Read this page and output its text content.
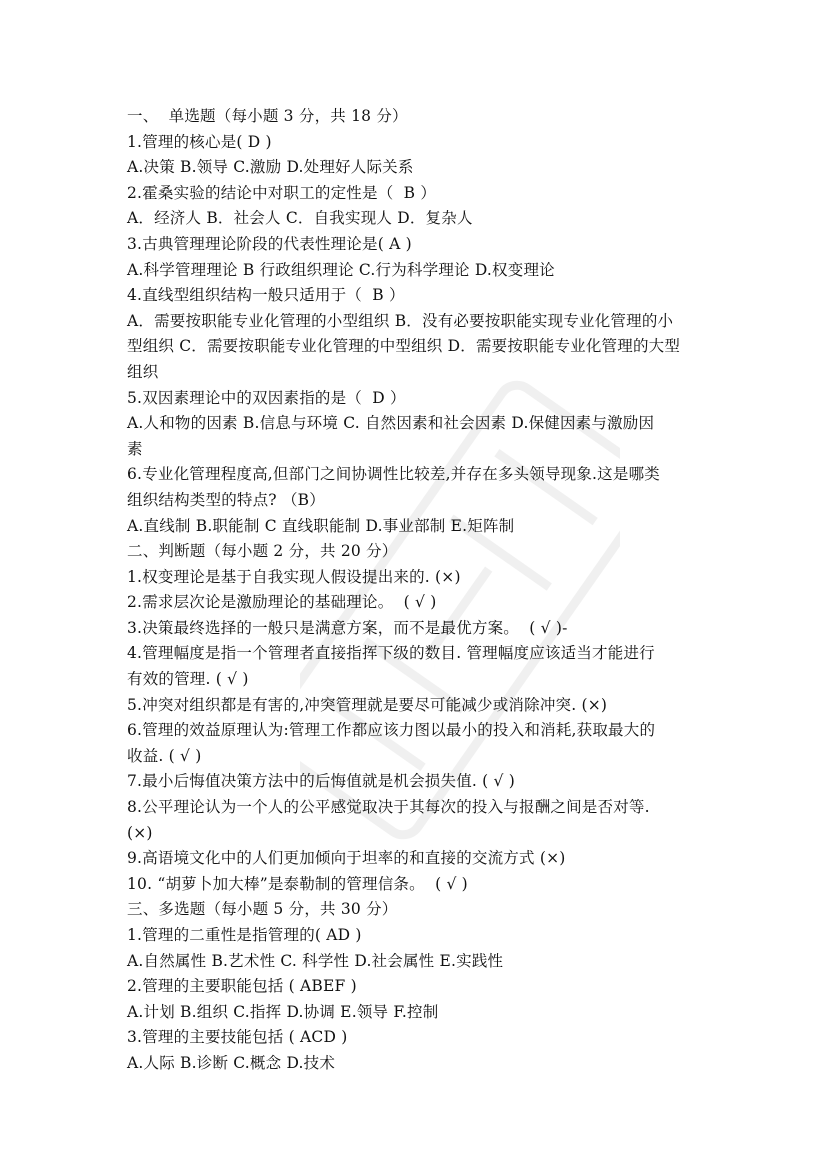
一、  单选题（每小题 3 分，共 18 分）
1.管理的核心是( D )
A.决策 B.领导 C.激励 D.处理好人际关系
2.霍桑实验的结论中对职工的定性是（  B ）
A．经济人 B．社会人 C．自我实现人 D．复杂人
3.古典管理理论阶段的代表性理论是( A )
A.科学管理理论 B 行政组织理论 C.行为科学理论 D.权变理论
4.直线型组织结构一般只适用于（  B ）
A．需要按职能专业化管理的小型组织 B．没有必要按职能实现专业化管理的小
型组织 C．需要按职能专业化管理的中型组织 D．需要按职能专业化管理的大型
组织
5.双因素理论中的双因素指的是（  D ）
A.人和物的因素 B.信息与环境 C. 自然因素和社会因素 D.保健因素与激励因
素
6.专业化管理程度高,但部门之间协调性比较差,并存在多头领导现象.这是哪类
组织结构类型的特点? （B）
A.直线制 B.职能制 C 直线职能制 D.事业部制 E.矩阵制
二、判断题（每小题 2 分，共 20 分）
1.权变理论是基于自我实现人假设提出来的. (×)
2.需求层次论是激励理论的基础理论。  ( √ )
3.决策最终选择的一般只是满意方案，而不是最优方案。  ( √ )-
4.管理幅度是指一个管理者直接指挥下级的数目. 管理幅度应该适当才能进行
有效的管理. ( √ )
5.冲突对组织都是有害的,冲突管理就是要尽可能减少或消除冲突. (×)
6.管理的效益原理认为:管理工作都应该力图以最小的投入和消耗,获取最大的
收益. ( √ )
7.最小后悔值决策方法中的后悔值就是机会损失值. ( √ )
8.公平理论认为一个人的公平感觉取决于其每次的投入与报酬之间是否对等.
(×)
9.高语境文化中的人们更加倾向于坦率的和直接的交流方式 (×)
10. “胡萝卜加大棒”是泰勒制的管理信条。  ( √ )
三、多选题（每小题 5 分，共 30 分）
1.管理的二重性是指管理的( AD )
A.自然属性 B.艺术性 C. 科学性 D.社会属性 E.实践性
2.管理的主要职能包括 ( ABEF )
A.计划 B.组织 C.指挥 D.协调 E.领导 F.控制
3.管理的主要技能包括 ( ACD )
A.人际 B.诊断 C.概念 D.技术
